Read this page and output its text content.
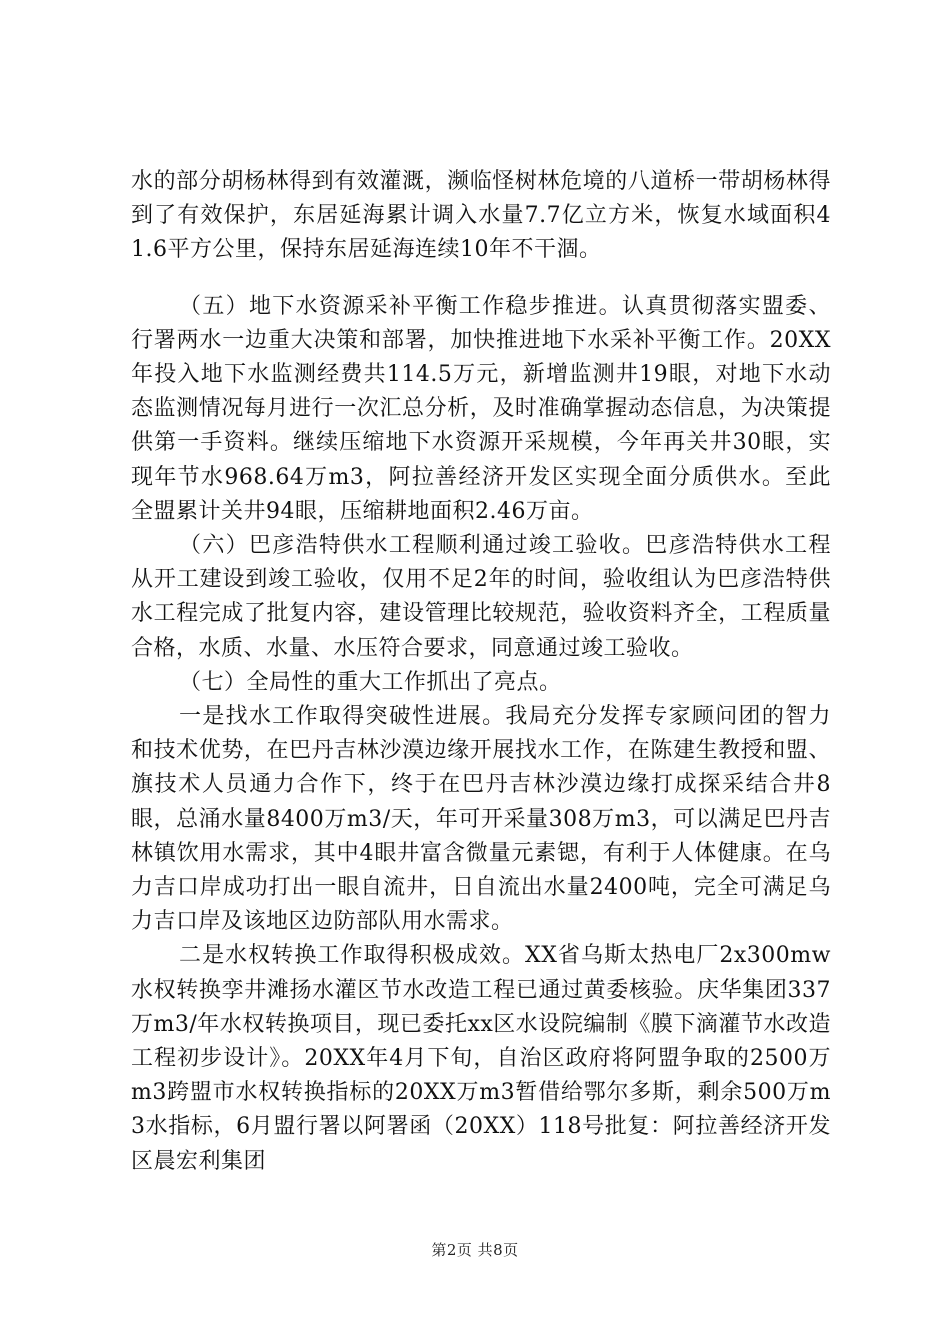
水的部分胡杨林得到有效灌溉，濒临怪树林危境的八道桥一带胡杨林得到了有效保护，东居延海累计调入水量7.7亿立方米，恢复水域面积41.6平方公里，保持东居延海连续10年不干涸。

（五）地下水资源采补平衡工作稳步推进。认真贯彻落实盟委、行署两水一边重大决策和部署，加快推进地下水采补平衡工作。20XX年投入地下水监测经费共114.5万元，新增监测井19眼，对地下水动态监测情况每月进行一次汇总分析，及时准确掌握动态信息，为决策提供第一手资料。继续压缩地下水资源开采规模，今年再关井30眼，实现年节水968.64万m3，阿拉善经济开发区实现全面分质供水。至此全盟累计关井94眼，压缩耕地面积2.46万亩。

（六）巴彦浩特供水工程顺利通过竣工验收。巴彦浩特供水工程从开工建设到竣工验收，仅用不足2年的时间，验收组认为巴彦浩特供水工程完成了批复内容，建设管理比较规范，验收资料齐全，工程质量合格，水质、水量、水压符合要求，同意通过竣工验收。

（七）全局性的重大工作抓出了亮点。

一是找水工作取得突破性进展。我局充分发挥专家顾问团的智力和技术优势，在巴丹吉林沙漠边缘开展找水工作，在陈建生教授和盟、旗技术人员通力合作下，终于在巴丹吉林沙漠边缘打成探采结合井8眼，总涌水量8400万m3/天，年可开采量308万m3，可以满足巴丹吉林镇饮用水需求，其中4眼井富含微量元素锶，有利于人体健康。在乌力吉口岸成功打出一眼自流井，日自流出水量2400吨，完全可满足乌力吉口岸及该地区边防部队用水需求。

二是水权转换工作取得积极成效。XX省乌斯太热电厂2x300mw水权转换孪井滩扬水灌区节水改造工程已通过黄委核验。庆华集团337万m3/年水权转换项目，现已委托xx区水设院编制《膜下滴灌节水改造工程初步设计》。20XX年4月下旬，自治区政府将阿盟争取的2500万m3跨盟市水权转换指标的20XX万m3暂借给鄂尔多斯，剩余500万m3水指标，6月盟行署以阿署函（20XX）118号批复：阿拉善经济开发区晨宏利集团

第2页 共8页
